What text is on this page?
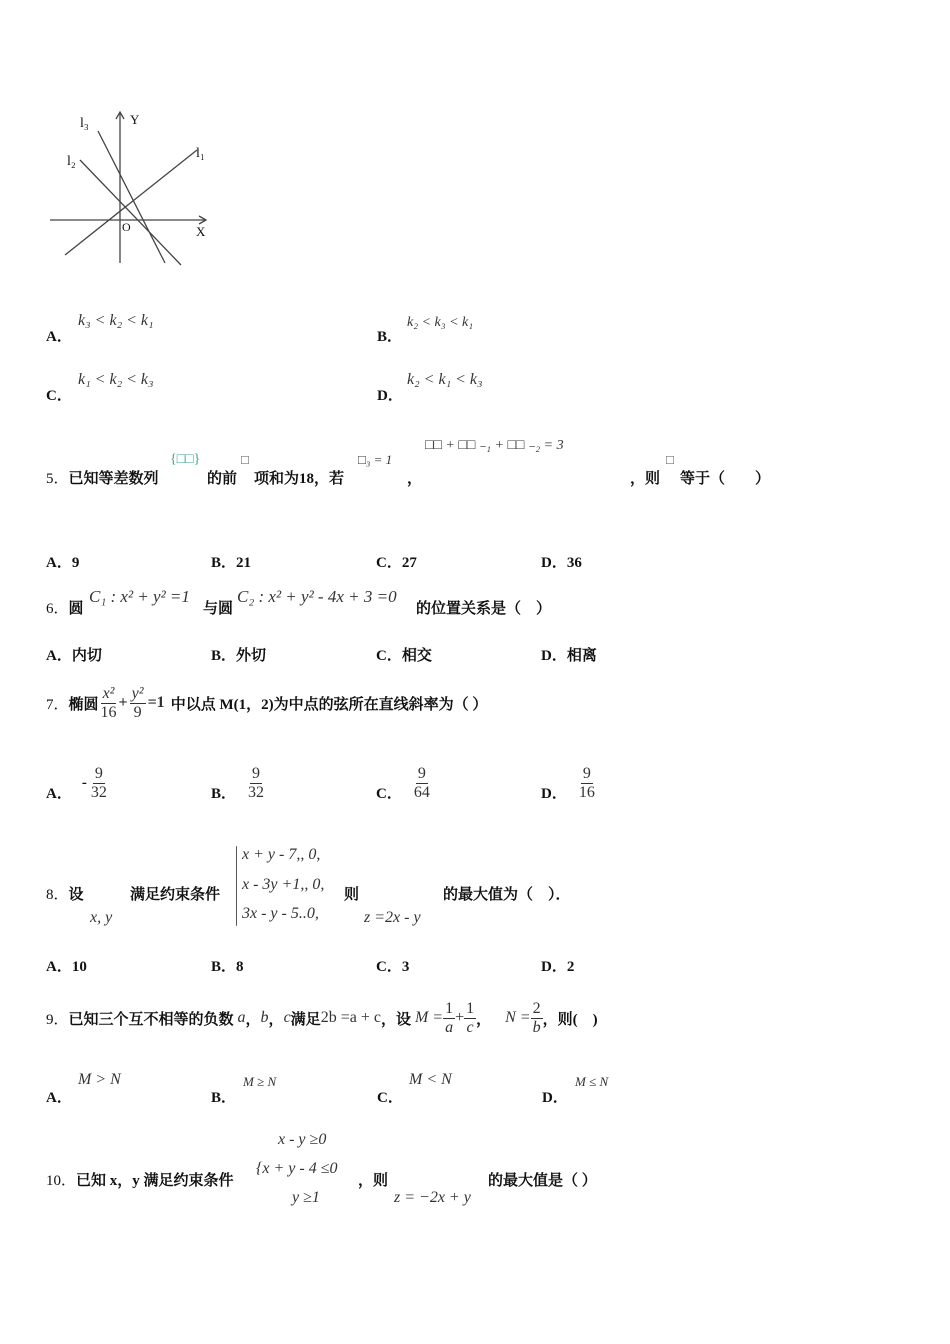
l₃	Y
l₂
l₁
O	X
A．
k₃ < k₂ < k₁
B．
k₂ < k₃ < k₁
C．
k₁ < k₂ < k₃
D．
k₂ < k₁ < k₃
5．已知等差数列
{□□}
的前
□
项和为18，若
□₃ = 1
，
□□ + □□ ₋₁ + □□ ₋₂ = 3
，则
□
等于（　　）
A．9	B．21	C．27	D．36
6．圆
C₁ : x² + y² =1
与圆
C₂ : x² + y² - 4x + 3 =0
的位置关系是（　）
A．内切	B．外切	C．相交	D．相离
7． 椭圆
x²
16
+ $\frac{\text{y²}}{9} =1$ 中以点 M(1，2)为中点的弦所在直线斜率为（ ）
A．
-
9
32	B．
9
32	C．
9
64	D．
9
16
8．设
x, y
满足约束条件
x + y - 7,, 0,
x - 3y +1,, 0,
3x - y - 5..0,
则
z =2x - y
的最大值为（　）．
A．10	B．8	C．3	D．2
9． 已知三个互不相等的负数 a ， b ， c 满足 2b =a + c ，设 $M = \frac{1}{a} + \frac{1}{c}$ ， $N = \frac{2}{b}$ ，则(　)
A．
M > N
B．
M ≥ N
C．
M < N
D．
M ≤ N
x - y ≥0
10．已知 x，y 满足约束条件
{x + y - 4 ≤0
，则
y ≥1	z = −2x + y
的最大值是（ ）
